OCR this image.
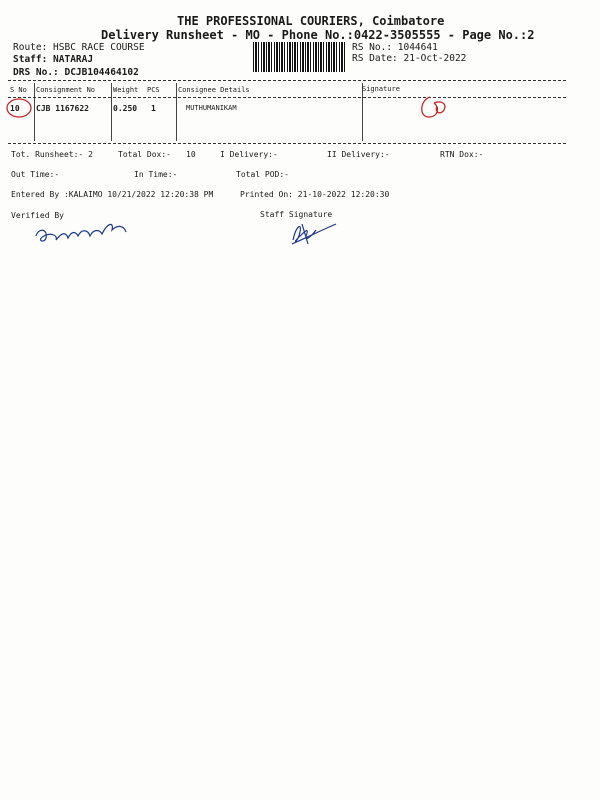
THE PROFESSIONAL COURIERS, Coimbatore
Delivery Runsheet - MO - Phone No.:0422-3505555 - Page No.:2
Route: HSBC RACE COURSE
Staff: NATARAJ
DRS No.: DCJB104464102
RS No.: 1044641
RS Date: 21-Oct-2022
S No Consignment No	Weight PCS	Consignee Details	Signature
10 CJB 1167622	0.250 1	MUTHUMANIKAM
Tot. Runsheet:- 2	Total Dox:- 10	I Delivery:-	II Delivery:-	RTN Dox:-
Out Time:-	In Time:-	Total POD:-
Entered By :KALAIMO 10/21/2022 12:20:38 PM	Printed On: 21-10-2022 12:20:30
Verified By	Staff Signature
